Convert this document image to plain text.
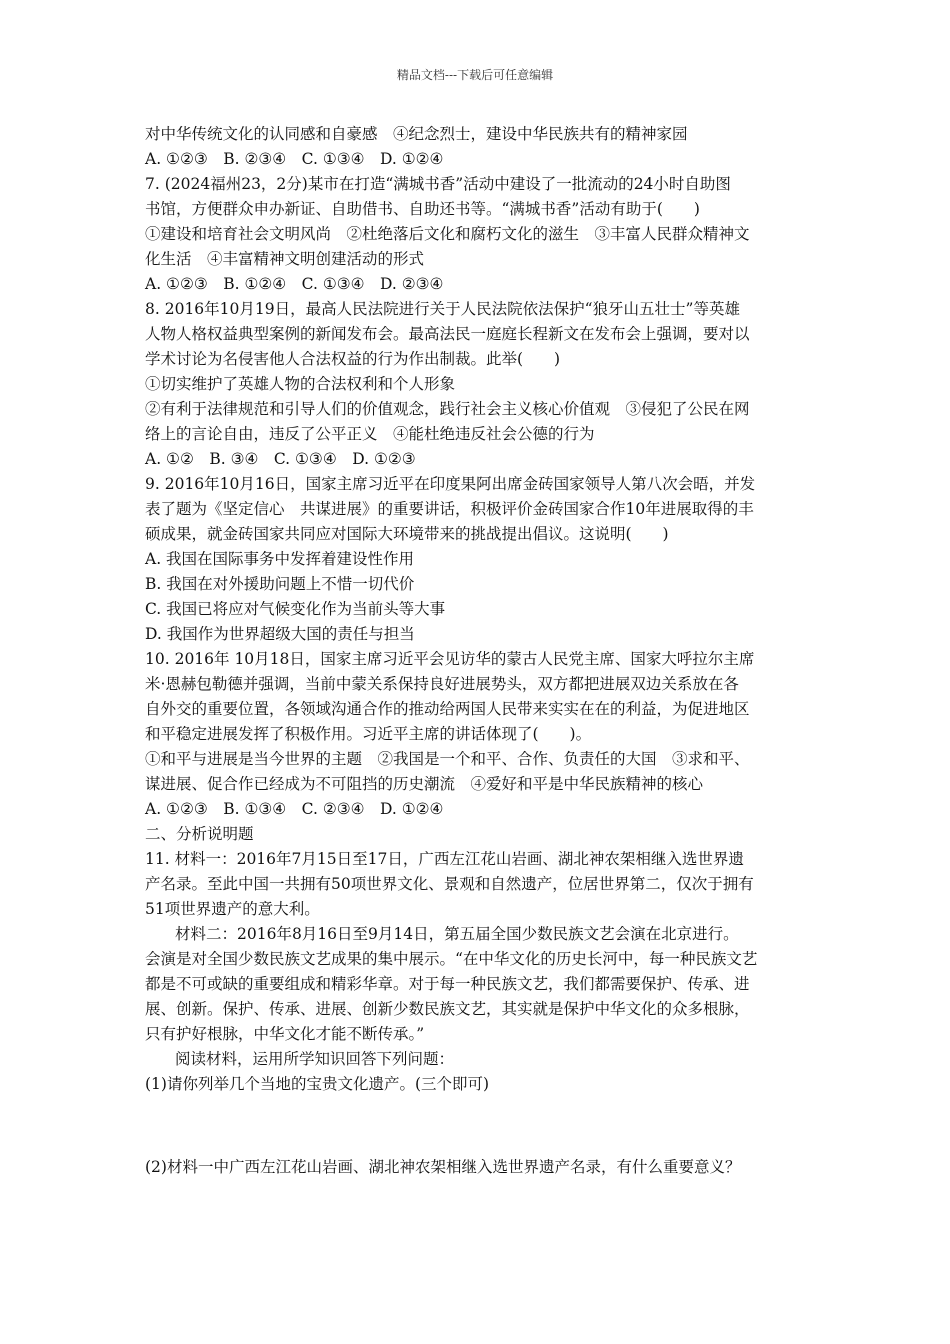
精品文档---下载后可任意编辑
对中华传统文化的认同感和自豪感　④纪念烈士，建设中华民族共有的精神家园
A. ①②③　B. ②③④　C. ①③④　D. ①②④
7. (2024福州23，2分)某市在打造“满城书香”活动中建设了一批流动的24小时自助图
书馆，方便群众申办新证、自助借书、自助还书等。“满城书香”活动有助于(　　)
①建设和培育社会文明风尚　②杜绝落后文化和腐朽文化的滋生　③丰富人民群众精神文
化生活　④丰富精神文明创建活动的形式
A. ①②③　B. ①②④　C. ①③④　D. ②③④
8. 2016年10月19日，最高人民法院进行关于人民法院依法保护“狼牙山五壮士”等英雄
人物人格权益典型案例的新闻发布会。最高法民一庭庭长程新文在发布会上强调，要对以
学术讨论为名侵害他人合法权益的行为作出制裁。此举(　　)
①切实维护了英雄人物的合法权利和个人形象
②有利于法律规范和引导人们的价值观念，践行社会主义核心价值观　③侵犯了公民在网
络上的言论自由，违反了公平正义　④能杜绝违反社会公德的行为
A. ①②　B. ③④　C. ①③④　D. ①②③
9. 2016年10月16日，国家主席习近平在印度果阿出席金砖国家领导人第八次会晤，并发
表了题为《坚定信心　共谋进展》的重要讲话，积极评价金砖国家合作10年进展取得的丰
硕成果，就金砖国家共同应对国际大环境带来的挑战提出倡议。这说明(　　)
A. 我国在国际事务中发挥着建设性作用
B. 我国在对外援助问题上不惜一切代价
C. 我国已将应对气候变化作为当前头等大事
D. 我国作为世界超级大国的责任与担当
10. 2016年 10月18日，国家主席习近平会见访华的蒙古人民党主席、国家大呼拉尔主席
米·恩赫包勒德并强调，当前中蒙关系保持良好进展势头，双方都把进展双边关系放在各
自外交的重要位置，各领域沟通合作的推动给两国人民带来实实在在的利益，为促进地区
和平稳定进展发挥了积极作用。习近平主席的讲话体现了(　　)。
①和平与进展是当今世界的主题　②我国是一个和平、合作、负责任的大国　③求和平、
谋进展、促合作已经成为不可阻挡的历史潮流　④爱好和平是中华民族精神的核心
A. ①②③　B. ①③④　C. ②③④　D. ①②④
二、分析说明题
11. 材料一：2016年7月15日至17日，广西左江花山岩画、湖北神农架相继入选世界遗
产名录。至此中国一共拥有50项世界文化、景观和自然遗产，位居世界第二，仅次于拥有
51项世界遗产的意大利。
材料二：2016年8月16日至9月14日，第五届全国少数民族文艺会演在北京进行。
会演是对全国少数民族文艺成果的集中展示。“在中华文化的历史长河中，每一种民族文艺
都是不可或缺的重要组成和精彩华章。对于每一种民族文艺，我们都需要保护、传承、进
展、创新。保护、传承、进展、创新少数民族文艺，其实就是保护中华文化的众多根脉，
只有护好根脉，中华文化才能不断传承。”
阅读材料，运用所学知识回答下列问题：
(1)请你列举几个当地的宝贵文化遗产。(三个即可)
(2)材料一中广西左江花山岩画、湖北神农架相继入选世界遗产名录，有什么重要意义？
